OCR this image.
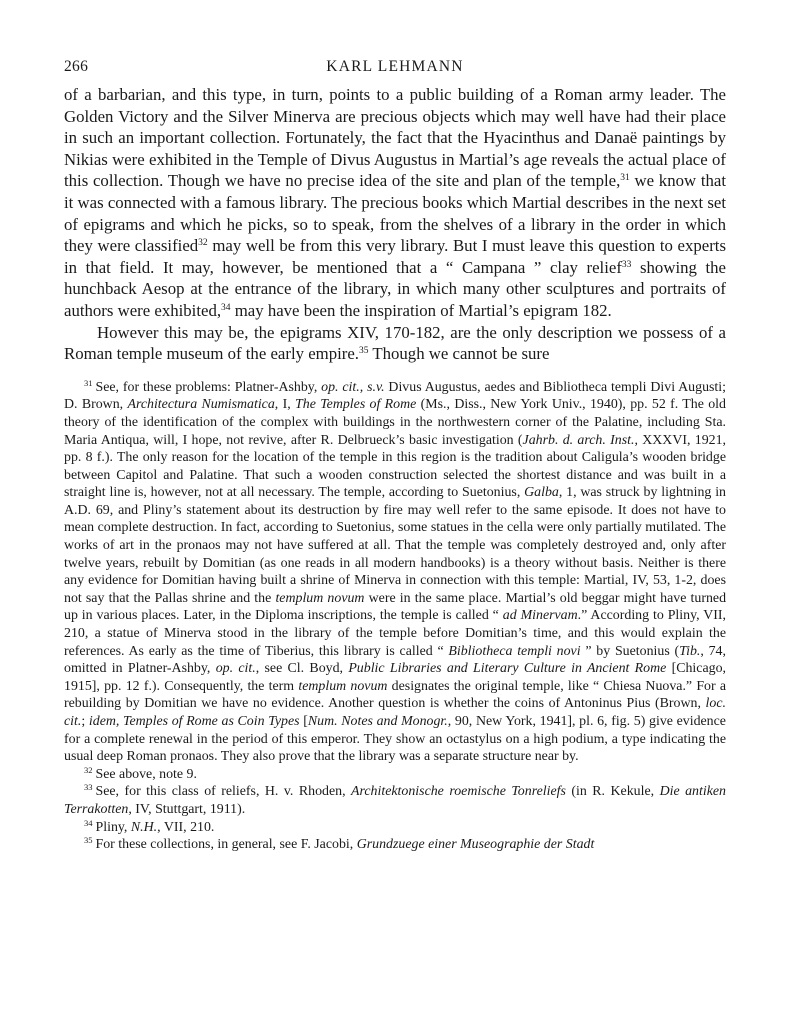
266	KARL LEHMANN

of a barbarian, and this type, in turn, points to a public building of a Roman army leader. The Golden Victory and the Silver Minerva are precious objects which may well have had their place in such an important collection. Fortunately, the fact that the Hyacinthus and Danaë paintings by Nikias were exhibited in the Temple of Divus Augustus in Martial’s age reveals the actual place of this collection. Though we have no precise idea of the site and plan of the temple,$^{31}$ we know that it was connected with a famous library. The precious books which Martial describes in the next set of epigrams and which he picks, so to speak, from the shelves of a library in the order in which they were classified$^{32}$ may well be from this very library. But I must leave this question to experts in that field. It may, however, be mentioned that a “ Campana ” clay relief$^{33}$ showing the hunchback Aesop at the entrance of the library, in which many other sculptures and portraits of authors were exhibited,$^{34}$ may have been the inspiration of Martial’s epigram 182.

However this may be, the epigrams XIV, 170-182, are the only description we possess of a Roman temple museum of the early empire.$^{35}$ Though we cannot be sure

$^{31}$ See, for these problems: Platner-Ashby, op. cit., s.v. Divus Augustus, aedes and Bibliotheca templi Divi Augusti; D. Brown, Architectura Numismatica, I, The Temples of Rome (Ms., Diss., New York Univ., 1940), pp. 52 f. The old theory of the identification of the complex with buildings in the northwestern corner of the Palatine, including Sta. Maria Antiqua, will, I hope, not revive, after R. Delbrueck’s basic investigation (Jahrb. d. arch. Inst., XXXVI, 1921, pp. 8 f.). The only reason for the location of the temple in this region is the tradition about Caligula’s wooden bridge between Capitol and Palatine. That such a wooden construction selected the shortest distance and was built in a straight line is, however, not at all necessary. The temple, according to Suetonius, Galba, 1, was struck by lightning in A.D. 69, and Pliny’s statement about its destruction by fire may well refer to the same episode. It does not have to mean complete destruction. In fact, according to Suetonius, some statues in the cella were only partially mutilated. The works of art in the pronaos may not have suffered at all. That the temple was completely destroyed and, only after twelve years, rebuilt by Domitian (as one reads in all modern handbooks) is a theory without basis. Neither is there any evidence for Domitian having built a shrine of Minerva in connection with this temple: Martial, IV, 53, 1-2, does not say that the Pallas shrine and the templum novum were in the same place. Martial’s old beggar might have turned up in various places. Later, in the Diploma inscriptions, the temple is called “ ad Minervam.” According to Pliny, VII, 210, a statue of Minerva stood in the library of the temple before Domitian’s time, and this would explain the references. As early as the time of Tiberius, this library is called “ Bibliotheca templi novi ” by Suetonius (Tib., 74, omitted in Platner-Ashby, op. cit., see Cl. Boyd, Public Libraries and Literary Culture in Ancient Rome [Chicago, 1915], pp. 12 f.). Consequently, the term templum novum designates the original temple, like “ Chiesa Nuova.” For a rebuilding by Domitian we have no evidence. Another question is whether the coins of Antoninus Pius (Brown, loc. cit.; idem, Temples of Rome as Coin Types [Num. Notes and Monogr., 90, New York, 1941], pl. 6, fig. 5) give evidence for a complete renewal in the period of this emperor. They show an octastylus on a high podium, a type indicating the usual deep Roman pronaos. They also prove that the library was a separate structure near by.

$^{32}$ See above, note 9.

$^{33}$ See, for this class of reliefs, H. v. Rhoden, Architektonische roemische Tonreliefs (in R. Kekule, Die antiken Terrakotten, IV, Stuttgart, 1911).

$^{34}$ Pliny, N.H., VII, 210.

$^{35}$ For these collections, in general, see F. Jacobi, Grundzuege einer Museographie der Stadt
